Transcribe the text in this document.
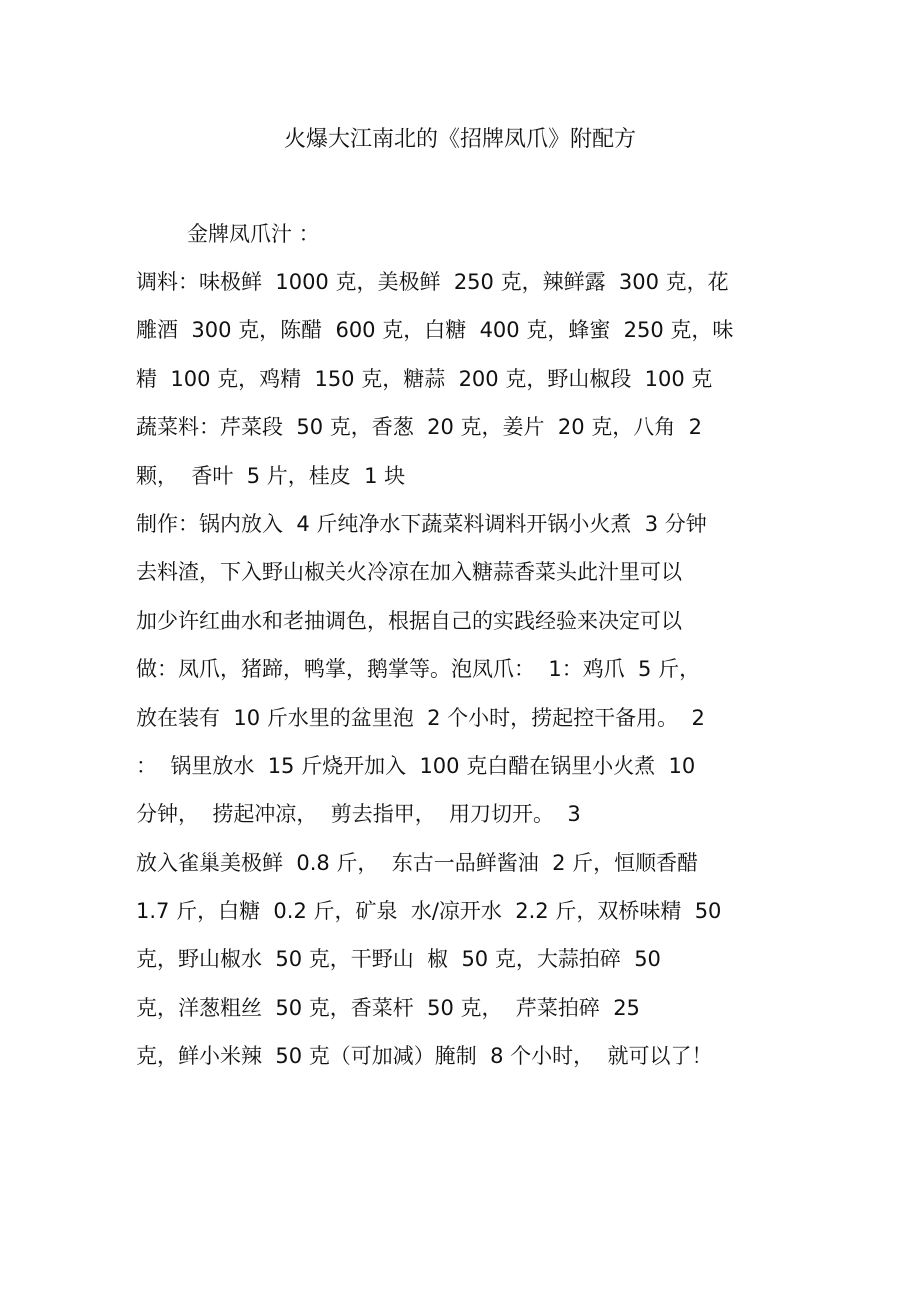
火爆大江南北的《招牌凤爪》附配方
金牌凤爪汁 ：
调料：味极鲜  1000 克，美极鲜  250 克，辣鲜露  300 克，花
雕酒  300 克，陈醋  600 克，白糖  400 克，蜂蜜  250 克，味
精  100 克，鸡精  150 克，糖蒜  200 克，野山椒段  100 克
蔬菜料：芹菜段  50 克，香葱  20 克，姜片  20 克，八角  2
颗，  香叶  5 片，桂皮  1 块
制作：锅内放入  4 斤纯净水下蔬菜料调料开锅小火煮  3 分钟
去料渣，下入野山椒关火冷凉在加入糖蒜香菜头此汁里可以
加少许红曲水和老抽调色，根据自己的实践经验来决定可以
做：凤爪，猪蹄，鸭掌，鹅掌等。泡凤爪：  1：鸡爪  5 斤，
放在装有  10 斤水里的盆里泡  2 个小时，捞起控干备用。  2
：  锅里放水  15 斤烧开加入  100 克白醋在锅里小火煮  10
分钟，  捞起冲凉，  剪去指甲，  用刀切开。  3
放入雀巢美极鲜  0.8 斤，  东古一品鲜酱油  2 斤，恒顺香醋
1.7 斤，白糖  0.2 斤，矿泉  水/凉开水  2.2 斤，双桥味精  50
克，野山椒水  50 克，干野山  椒  50 克，大蒜拍碎  50
克，洋葱粗丝  50 克，香菜杆  50 克，  芹菜拍碎  25
克，鲜小米辣  50 克（可加减）腌制  8 个小时，  就可以了！
